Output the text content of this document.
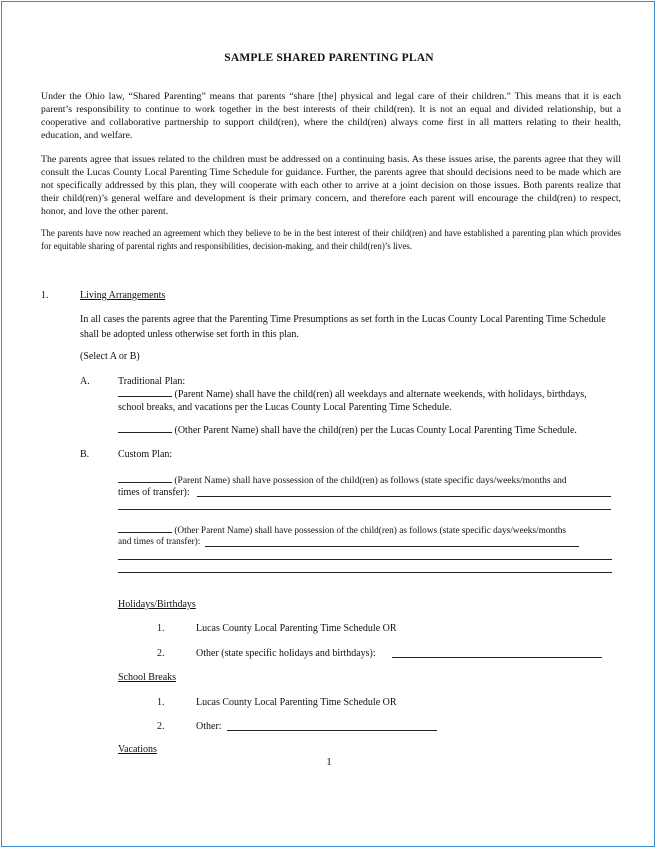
SAMPLE SHARED PARENTING PLAN
Under the Ohio law, “Shared Parenting” means that parents “share [the] physical and legal care of their children.” This means that it is each parent’s responsibility to continue to work together in the best interests of their child(ren). It is not an equal and divided relationship, but a cooperative and collaborative partnership to support child(ren), where the child(ren) always come first in all matters relating to their health, education, and welfare.
The parents agree that issues related to the children must be addressed on a continuing basis. As these issues arise, the parents agree that they will consult the Lucas County Local Parenting Time Schedule for guidance. Further, the parents agree that should decisions need to be made which are not specifically addressed by this plan, they will cooperate with each other to arrive at a joint decision on those issues. Both parents realize that their child(ren)’s general welfare and development is their primary concern, and therefore each parent will encourage the child(ren) to respect, honor, and love the other parent.
The parents have now reached an agreement which they believe to be in the best interest of their child(ren) and have established a parenting plan which provides for equitable sharing of parental rights and responsibilities, decision-making, and their child(ren)’s lives.
1.	Living Arrangements
In all cases the parents agree that the Parenting Time Presumptions as set forth in the Lucas County Local Parenting Time Schedule shall be adopted unless otherwise set forth in this plan.
(Select A or B)
A.	Traditional Plan:
(Parent Name) shall have the child(ren) all weekdays and alternate weekends, with holidays, birthdays,
school breaks, and vacations per the Lucas County Local Parenting Time Schedule.
(Other Parent Name) shall have the child(ren) per the Lucas County Local Parenting Time Schedule.
B.	Custom Plan:
(Parent Name) shall have possession of the child(ren) as follows (state specific days/weeks/months and
times of transfer):
(Other Parent Name) shall have possession of the child(ren) as follows (state specific days/weeks/months
and times of transfer):
Holidays/Birthdays
1.	Lucas County Local Parenting Time Schedule OR
2.	Other (state specific holidays and birthdays):
School Breaks
1.	Lucas County Local Parenting Time Schedule OR
2.	Other:
Vacations
1
